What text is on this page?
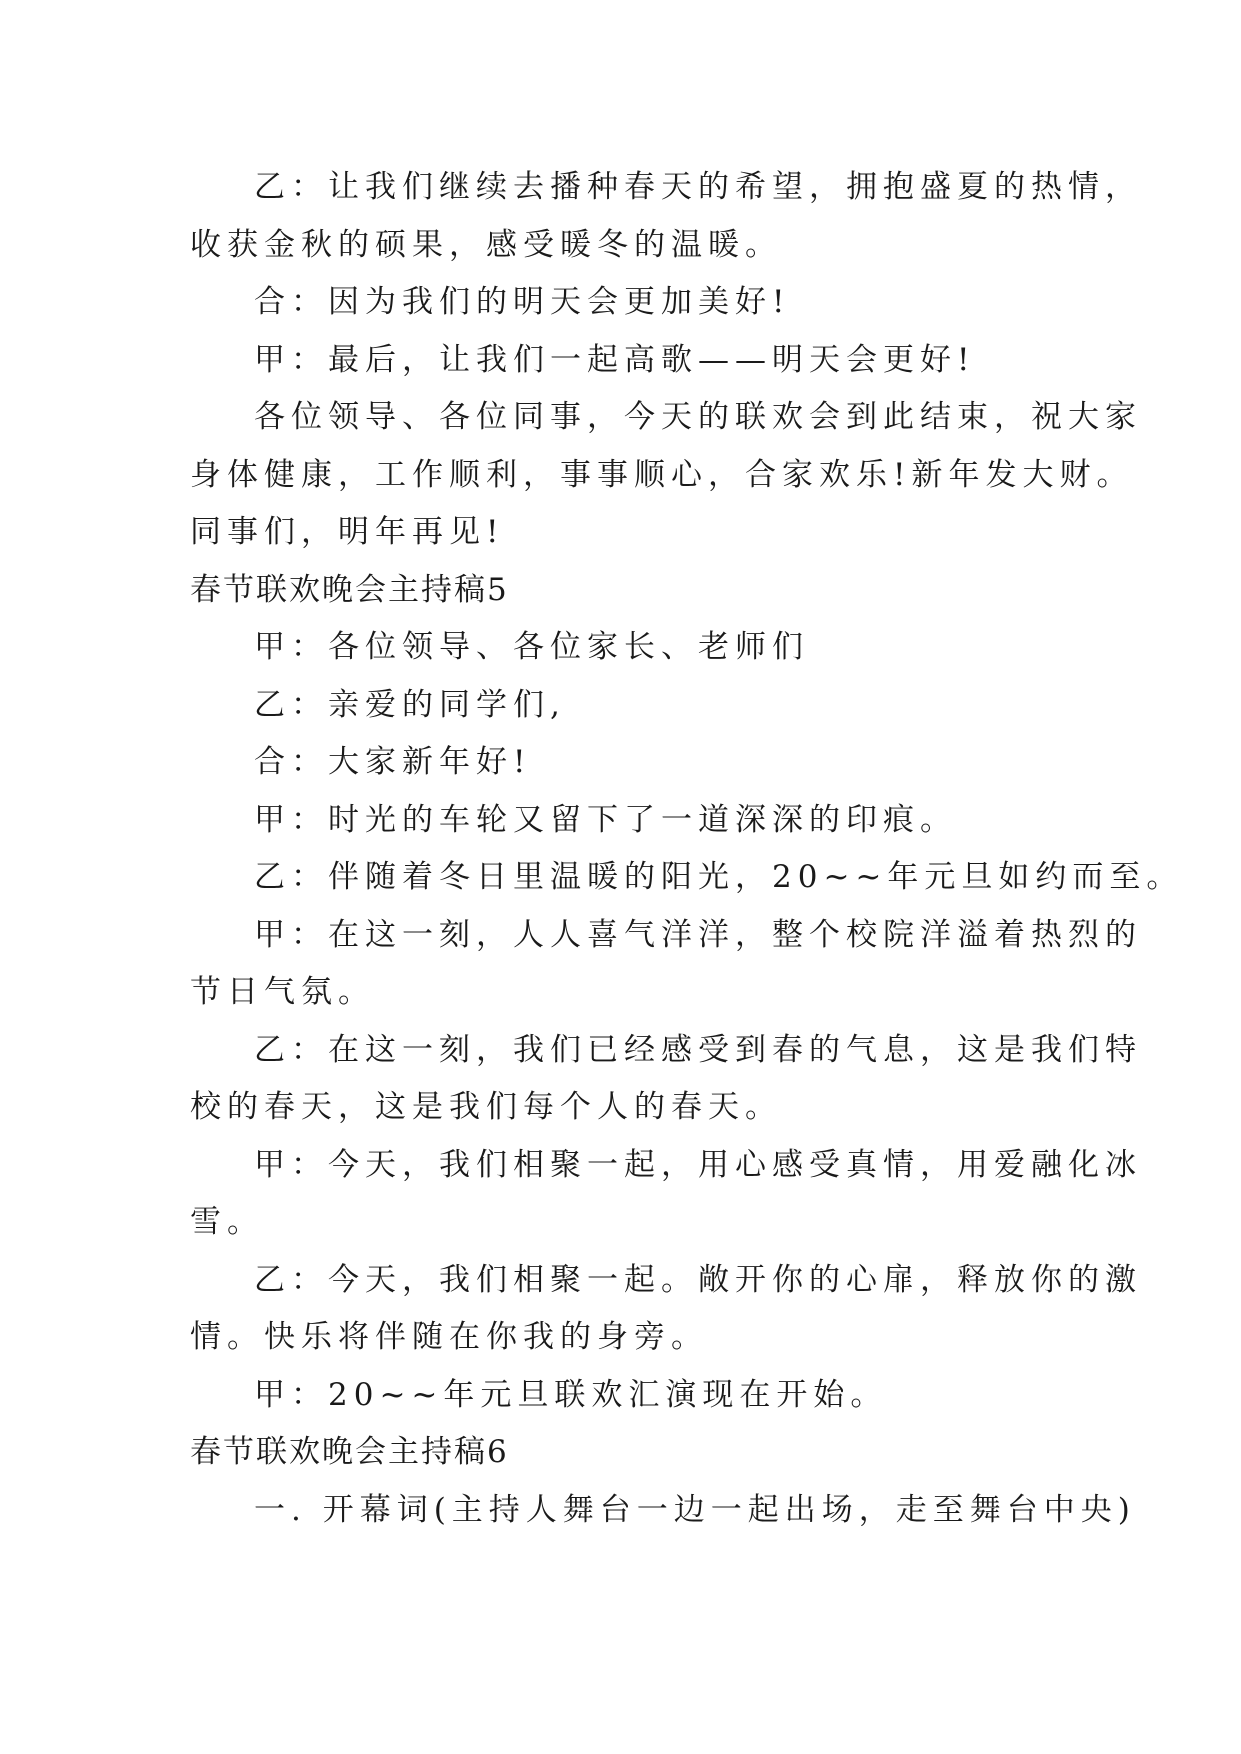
乙：让我们继续去播种春天的希望，拥抱盛夏的热情，
收获金秋的硕果，感受暖冬的温暖。
合：因为我们的明天会更加美好!
甲：最后，让我们一起高歌——明天会更好!
各位领导、各位同事，今天的联欢会到此结束，祝大家
身体健康，工作顺利，事事顺心，合家欢乐!新年发大财。
同事们，明年再见!
春节联欢晚会主持稿5
甲：各位领导、各位家长、老师们
乙：亲爱的同学们,
合：大家新年好!
甲：时光的车轮又留下了一道深深的印痕。
乙：伴随着冬日里温暖的阳光，20~~年元旦如约而至。
甲：在这一刻，人人喜气洋洋，整个校院洋溢着热烈的
节日气氛。
乙：在这一刻，我们已经感受到春的气息，这是我们特
校的春天，这是我们每个人的春天。
甲：今天，我们相聚一起，用心感受真情，用爱融化冰
雪。
乙：今天，我们相聚一起。敞开你的心扉，释放你的激
情。快乐将伴随在你我的身旁。
甲：20~~年元旦联欢汇演现在开始。
春节联欢晚会主持稿6
一. 开幕词(主持人舞台一边一起出场，走至舞台中央)
